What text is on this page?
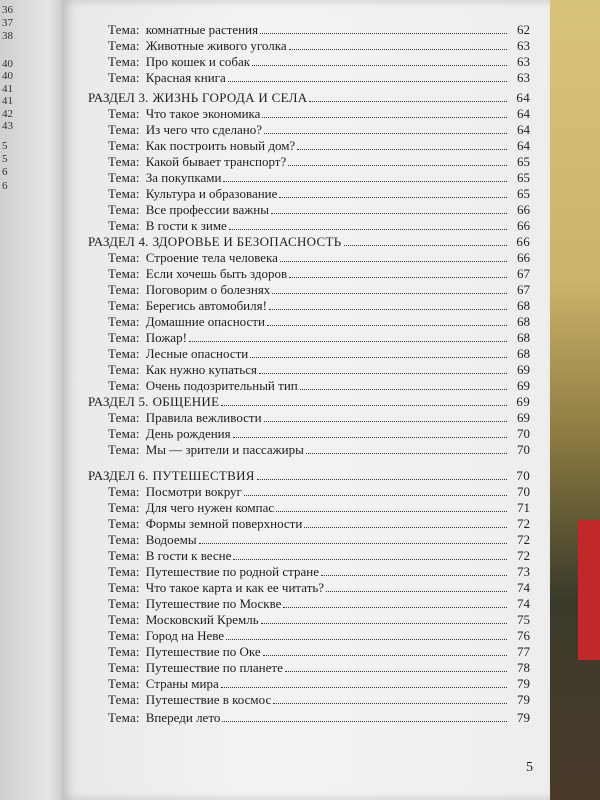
36
37
38
40
40
41
41
42
43
5
5
6
6
Тема: комнатные растения	62
Тема: Животные живого уголка	63
Тема: Про кошек и собак	63
Тема: Красная книга	63
РАЗДЕЛ 3. ЖИЗНЬ ГОРОДА И СЕЛА	64
Тема: Что такое экономика	64
Тема: Из чего что сделано?	64
Тема: Как построить новый дом?	64
Тема: Какой бывает транспорт?	65
Тема: За покупками	65
Тема: Культура и образование	65
Тема: Все профессии важны	66
Тема: В гости к зиме	66
РАЗДЕЛ 4. ЗДОРОВЬЕ И БЕЗОПАСНОСТЬ	66
Тема: Строение тела человека	66
Тема: Если хочешь быть здоров	67
Тема: Поговорим о болезнях	67
Тема: Берегись автомобиля!	68
Тема: Домашние опасности	68
Тема: Пожар!	68
Тема: Лесные опасности	68
Тема: Как нужно купаться	69
Тема: Очень подозрительный тип	69
РАЗДЕЛ 5. ОБЩЕНИЕ	69
Тема: Правила вежливости	69
Тема: День рождения	70
Тема: Мы — зрители и пассажиры	70
РАЗДЕЛ 6. ПУТЕШЕСТВИЯ	70
Тема: Посмотри вокруг	70
Тема: Для чего нужен компас	71
Тема: Формы земной поверхности	72
Тема: Водоемы	72
Тема: В гости к весне	72
Тема: Путешествие по родной стране	73
Тема: Что такое карта и как ее читать?	74
Тема: Путешествие по Москве	74
Тема: Московский Кремль	75
Тема: Город на Неве	76
Тема: Путешествие по Оке	77
Тема: Путешествие по планете	78
Тема: Страны мира	79
Тема: Путешествие в космос	79
Тема: Впереди лето	79
5
